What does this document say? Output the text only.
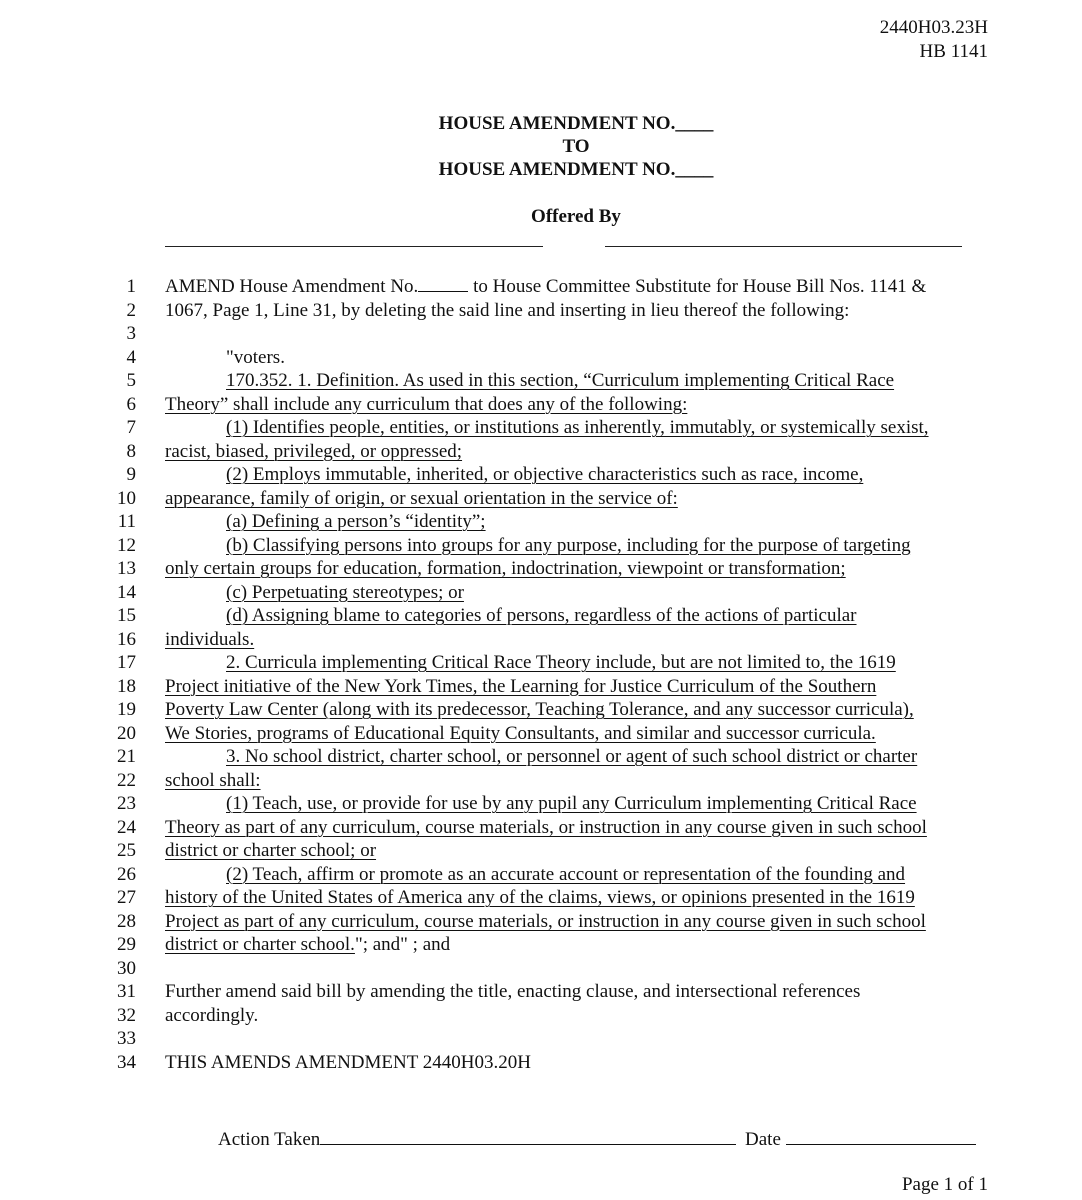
2440H03.23H
HB 1141
HOUSE AMENDMENT NO.____
TO
HOUSE AMENDMENT NO.____
Offered By
1 AMEND House Amendment No.	to House Committee Substitute for House Bill Nos. 1141 &
2 1067, Page 1, Line 31, by deleting the said line and inserting in lieu thereof the following:
3
4	"voters.
5	170.352. 1. Definition. As used in this section, “Curriculum implementing Critical Race
6 Theory” shall include any curriculum that does any of the following:
7	(1) Identifies people, entities, or institutions as inherently, immutably, or systemically sexist,
8 racist, biased, privileged, or oppressed;
9	(2) Employs immutable, inherited, or objective characteristics such as race, income,
10 appearance, family of origin, or sexual orientation in the service of:
11	(a) Defining a person’s “identity”;
12	(b) Classifying persons into groups for any purpose, including for the purpose of targeting
13 only certain groups for education, formation, indoctrination, viewpoint or transformation;
14	(c) Perpetuating stereotypes; or
15	(d) Assigning blame to categories of persons, regardless of the actions of particular
16 individuals.
17	2. Curricula implementing Critical Race Theory include, but are not limited to, the 1619
18 Project initiative of the New York Times, the Learning for Justice Curriculum of the Southern
19 Poverty Law Center (along with its predecessor, Teaching Tolerance, and any successor curricula),
20 We Stories, programs of Educational Equity Consultants, and similar and successor curricula.
21	3. No school district, charter school, or personnel or agent of such school district or charter
22 school shall:
23	(1) Teach, use, or provide for use by any pupil any Curriculum implementing Critical Race
24 Theory as part of any curriculum, course materials, or instruction in any course given in such school
25 district or charter school; or
26	(2) Teach, affirm or promote as an accurate account or representation of the founding and
27 history of the United States of America any of the claims, views, or opinions presented in the 1619
28 Project as part of any curriculum, course materials, or instruction in any course given in such school
29 district or charter school."; and" ; and
30
31 Further amend said bill by amending the title, enacting clause, and intersectional references
32 accordingly.
33
34 THIS AMENDS AMENDMENT 2440H03.20H
Action Taken	Date
Page 1 of 1
